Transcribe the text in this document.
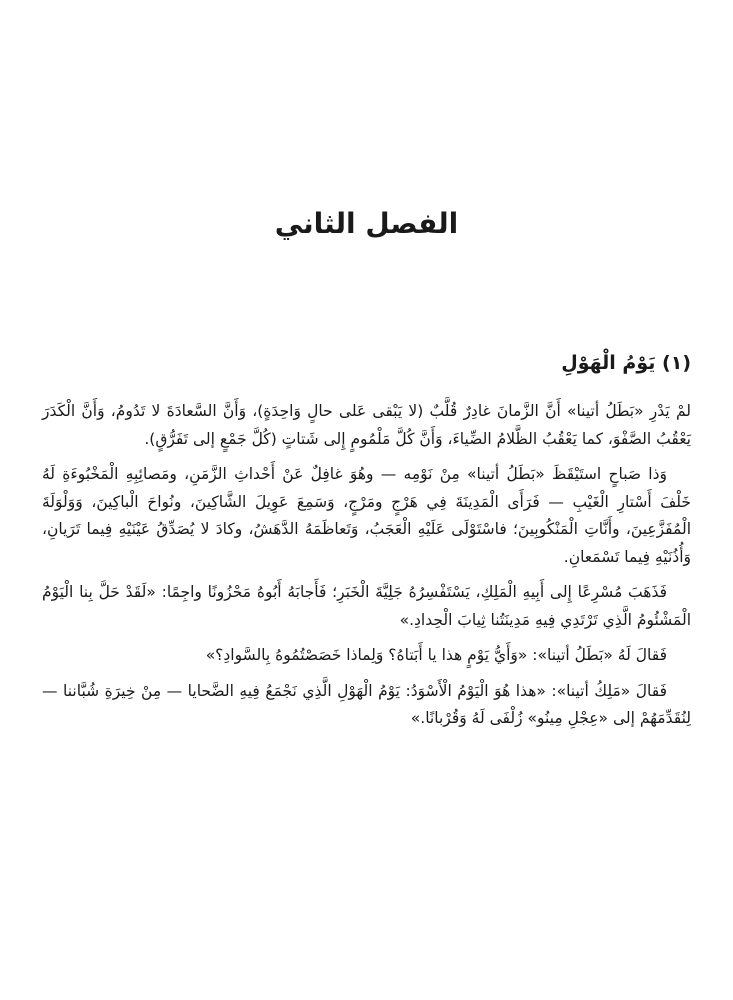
الفصل الثاني
(١) يَوْمُ الْهَوْلِ

لمْ يَدْرِ «بَطَلُ أتينا» أَنَّ الزَّمانَ غادِرٌ قُلَّبٌ (لا يَبْقى عَلى حالٍ وَاحِدَةٍ)، وَأَنَّ السَّعادَةَ لا تَدُومُ، وَأَنَّ الْكَدَرَ يَعْقُبُ الصَّفْوَ، كما يَعْقُبُ الظَّلامُ الضِّياءَ، وَأَنَّ كُلَّ مَلْمُومٍ إِلى شَتاتٍ (كُلَّ جَمْعٍ إلى تَفَرُّقٍ).

وَذا صَباحٍ استَيْقَظَ «بَطَلُ أتينا» مِنْ نَوْمِه — وهُوَ غافِلٌ عَنْ أَحْداثِ الزَّمَنِ، ومَصائِبِهِ الْمَخْبُوءَةِ لَهُ خَلْفَ أَسْتارِ الْغَيْبِ — فَرَأَى الْمَدِينَةَ فِي هَرْجٍ ومَرْجٍ، وَسَمِعَ عَوِيلَ الشَّاكِينَ، ونُواحَ الْباكِينَ، وَوَلْوَلَةَ الْمُفَزَّعِينَ، وأَنَّاتِ الْمَنْكُوبِينَ؛ فاسْتَوْلَى عَلَيْهِ الْعَجَبُ، وَتَعاظَمَهُ الدَّهَشُ، وكادَ لا يُصَدِّقُ عَيْنَيْهِ فِيما تَرَيانِ، وَأُذُنَيْهِ فِيما تَسْمَعانِ.

فَذَهَبَ مُسْرِعًا إِلى أَبِيهِ الْمَلِكِ، يَسْتَفْسِرُهُ جَلِيَّةَ الْخَبَرِ؛ فَأَجابَهُ أَبُوهُ مَحْزُونًا واجِمًا: «لَقَدْ حَلَّ بِنا الْيَوْمُ الْمَشْئُومُ الَّذِي تَرْتَدِي فِيهِ مَدِينَتُنا ثِيابَ الْحِدادِ.»

فَقالَ لَهُ «بَطَلُ أتينا»: «وَأَيُّ يَوْمٍ هذا يا أَبَتاهُ؟ وَلِماذا خَصَصْتُمُوهُ بِالسَّوادِ؟»

فَقالَ «مَلِكُ أتينا»: «هذا هُوَ الْيَوْمُ الْأَسْوَدُ: يَوْمُ الْهَوْلِ الَّذِي نَجْمَعُ فِيهِ الضَّحايا — مِنْ خِيرَةِ شُبَّاننا — لِنُقَدِّمَهُمْ إلى «عِجْلِ مِينُو» زُلْفَى لَهُ وَقُرْبانًا.»
